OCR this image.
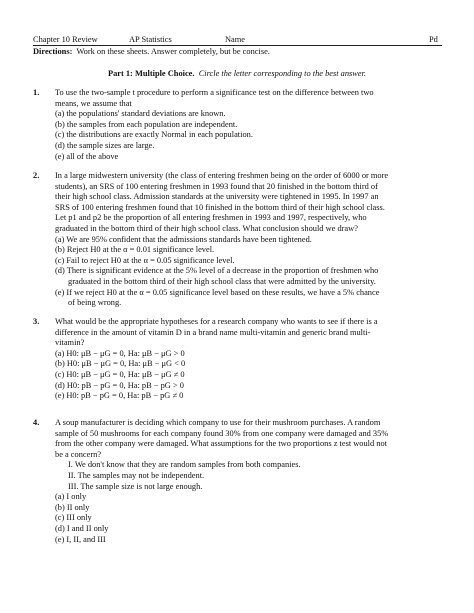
Chapter 10 Review	AP Statistics	Name	Pd
Directions: Work on these sheets. Answer completely, but be concise.
Part 1: Multiple Choice. Circle the letter corresponding to the best answer.
1. To use the two-sample t procedure to perform a significance test on the difference between two
means, we assume that
(a) the populations' standard deviations are known.
(b) the samples from each population are independent.
(c) the distributions are exactly Normal in each population.
(d) the sample sizes are large.
(e) all of the above
2. In a large midwestern university (the class of entering freshmen being on the order of 6000 or more
students), an SRS of 100 entering freshmen in 1993 found that 20 finished in the bottom third of
their high school class. Admission standards at the university were tightened in 1995. In 1997 an
SRS of 100 entering freshmen found that 10 finished in the bottom third of their high school class.
Let p1 and p2 be the proportion of all entering freshmen in 1993 and 1997, respectively, who
graduated in the bottom third of their high school class. What conclusion should we draw?
(a) We are 95% confident that the admissions standards have been tightened.
(b) Reject H0 at the α = 0.01 significance level.
(c) Fail to reject H0 at the α = 0.05 significance level.
(d) There is significant evidence at the 5% level of a decrease in the proportion of freshmen who
graduated in the bottom third of their high school class that were admitted by the university.
(e) If we reject H0 at the α = 0.05 significance level based on these results, we have a 5% chance
of being wrong.
3. What would be the appropriate hypotheses for a research company who wants to see if there is a
difference in the amount of vitamin D in a brand name multi-vitamin and generic brand multi-
vitamin?
(a) H0: μB − μG = 0, Ha: μB − μG > 0
(b) H0: μB − μG = 0, Ha: μB − μG < 0
(c) H0: μB − μG = 0, Ha: μB − μG ≠ 0
(d) H0: pB − pG = 0, Ha: pB − pG > 0
(e) H0: pB − pG = 0, Ha: pB − pG ≠ 0
4. A soup manufacturer is deciding which company to use for their mushroom purchases. A random
sample of 50 mushrooms for each company found 30% from one company were damaged and 35%
from the other company were damaged. What assumptions for the two proportions z test would not
be a concern?
I. We don't know that they are random samples from both companies.
II. The samples may not be independent.
III. The sample size is not large enough.
(a) I only
(b) II only
(c) III only
(d) I and II only
(e) I, II, and III
